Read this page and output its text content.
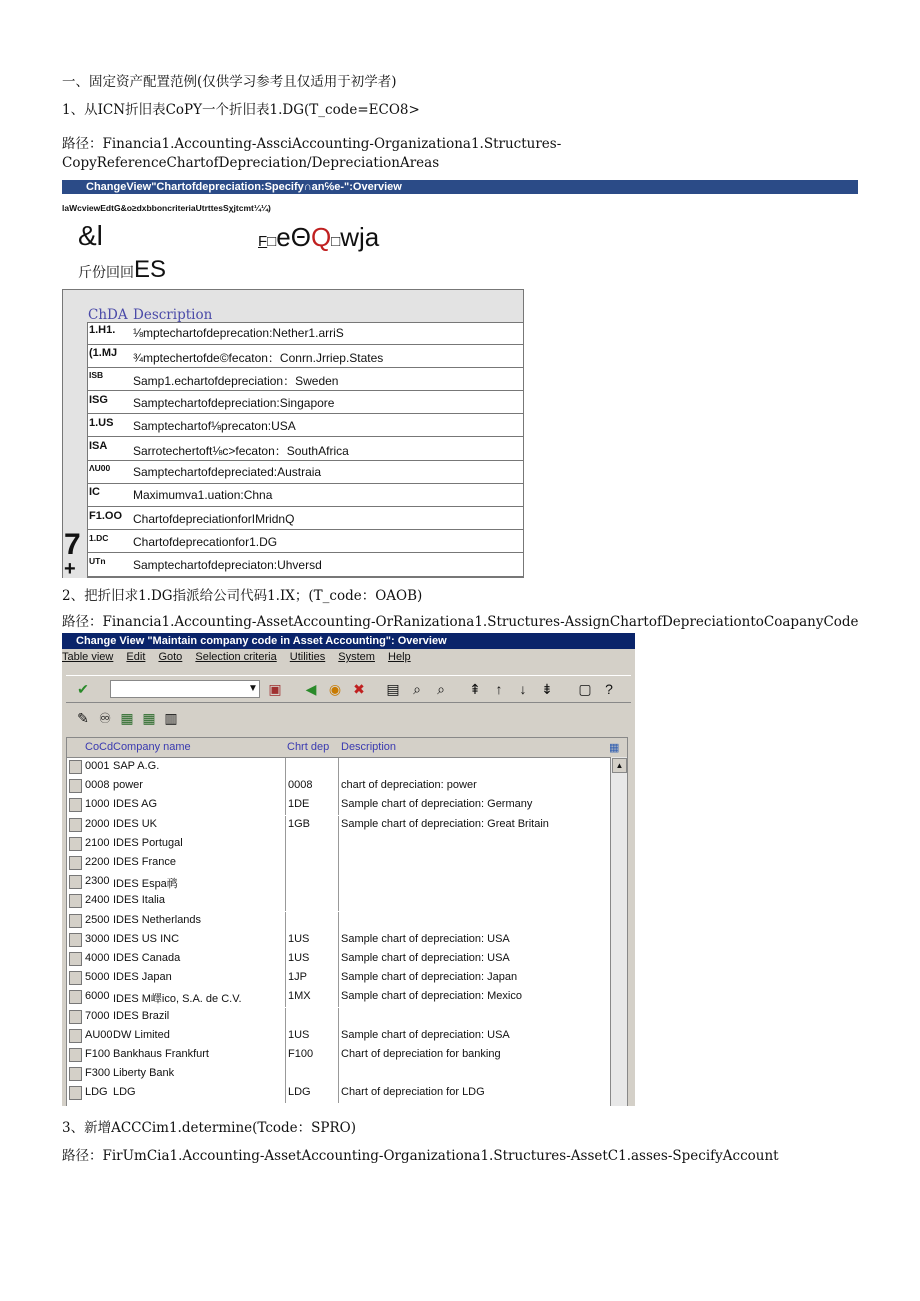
一、固定资产配置范例(仅供学习参考且仅适用于初学者)
1、从ICN折旧表CoPY一个折旧表1.DG(T_code=ECO8>
路径：Financia1.Accounting-AssciAccounting-Organizationa1.Structures-
CopyReferenceChartofDepreciation/DepreciationAreas
ChangeView"Chartofdepreciation:Specify∩an℅e-":Overview
laWcviewEdtG&o≥dxbboncriteriaUtrttesSχjtcmt¼¼)
&l	F□eΘQ□wja
斤份回回ES
ChDA Description
1.H1. ⅛mptechartofdeprecation:Nether1.arriS
(1.MJ ¾mptechertofde©fecaton：Conrn.Jrriep.States
ISB Samp1.echartofdepreciation：Sweden
ISG Samptechartofdepreciation:Singapore
1.US Samptechartof⅛precaton:USA
ISA Sarrotechertoft⅛c>fecaton：SouthAfrica
ΛU00 Samptechartofdepreciated:Austraia
IC	Maximumva1.uation:Chna
F1.OO ChartofdepreciationforIMridnQ
1.DC Chartofdeprecationfor1.DG
UTn Samptechartofdepreciaton:Uhversd
7
+
2、把折旧求1.DG指派给公司代码1.IX；(T_code：OAOB)
路径：Financia1.Accounting-AssetAccounting-OrRanizationa1.Structures-AssignChartofDepreciationtoCoapanyCode
Change View "Maintain company code in Asset Accounting": Overview
Table view Edit Goto Selection criteria Utilities System Help
✔	▼ ▣ ◀ ◉ ✖ ▤ ⌕	⌕	⇞	↑	↓	⇟ ▢ ?
✎ ♾ ▦ ▦ ▥
CoCd Company name	Chrt dep Description	▦
0001 SAP A.G.
0008 power	0008	chart of depreciation: power
1000 IDES AG	1DE	Sample chart of depreciation: Germany
2000 IDES UK	1GB	Sample chart of depreciation: Great Britain
2100 IDES Portugal
2200 IDES France
2300 IDES Espa䴓
2400 IDES Italia
2500 IDES Netherlands
3000 IDES US INC	1US	Sample chart of depreciation: USA
4000 IDES Canada	1US	Sample chart of depreciation: USA
5000 IDES Japan	1JP	Sample chart of depreciation: Japan
6000 IDES M嶧ico, S.A. de C.V.	1MX	Sample chart of depreciation: Mexico
7000 IDES Brazil
AU00 DW Limited	1US	Sample chart of depreciation: USA
F100 Bankhaus Frankfurt	F100	Chart of depreciation for banking
F300 Liberty Bank
LDG LDG	LDG	Chart of depreciation for LDG
▲
3、新增ACCCim1.determine(Tcode：SPRO)
路径：FirUmCia1.Accounting-AssetAccounting-Organizationa1.Structures-AssetC1.asses-SpecifyAccount
